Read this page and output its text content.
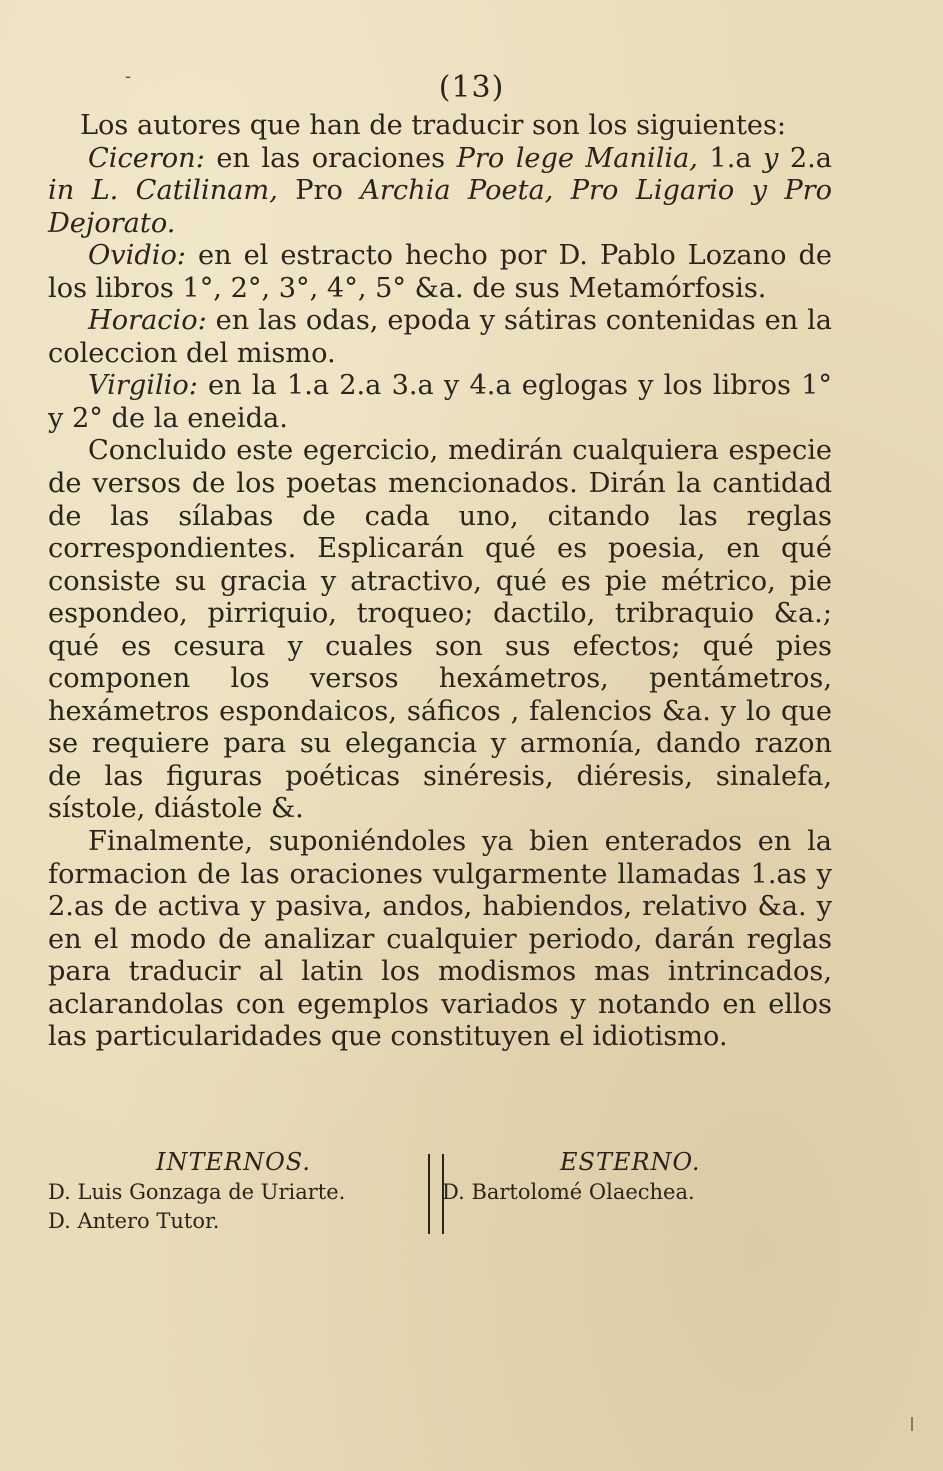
-	(13)

Los autores que han de traducir son los siguientes:

Ciceron: en las oraciones Pro lege Manilia, 1.a y 2.a in L. Catilinam, Pro Archia Poeta, Pro Ligario y Pro Dejorato.

Ovidio: en el estracto hecho por D. Pablo Lozano de los libros 1°, 2°, 3°, 4°, 5° &a. de sus Metamórfosis.

Horacio: en las odas, epoda y sátiras contenidas en la coleccion del mismo.

Virgilio: en la 1.a 2.a 3.a y 4.a eglogas y los libros 1° y 2° de la eneida.

Concluido este egercicio, medirán cualquiera especie de versos de los poetas mencionados. Dirán la cantidad de las sílabas de cada uno, citando las reglas correspondientes. Esplicarán qué es poesia, en qué consiste su gracia y atractivo, qué es pie métrico, pie espondeo, pirriquio, troqueo; dactilo, tribraquio &a.; qué es cesura y cuales son sus efectos; qué pies componen los versos hexámetros, pentámetros, hexámetros espondaicos, sáficos , falencios &a. y lo que se requiere para su elegancia y armonía, dando razon de las figuras poéticas sinéresis, diéresis, sinalefa, sístole, diástole &.

Finalmente, suponiéndoles ya bien enterados en la formacion de las oraciones vulgarmente llamadas 1.as y 2.as de activa y pasiva, andos, habiendos, relativo &a. y en el modo de analizar cualquier periodo, darán reglas para traducir al latin los modismos mas intrincados, aclarandolas con egemplos variados y notando en ellos las particularidades que constituyen el idiotismo.

INTERNOS.
D. Luis Gonzaga de Uriarte.
D. Antero Tutor.
ESTERNO.
D. Bartolomé Olaechea.
